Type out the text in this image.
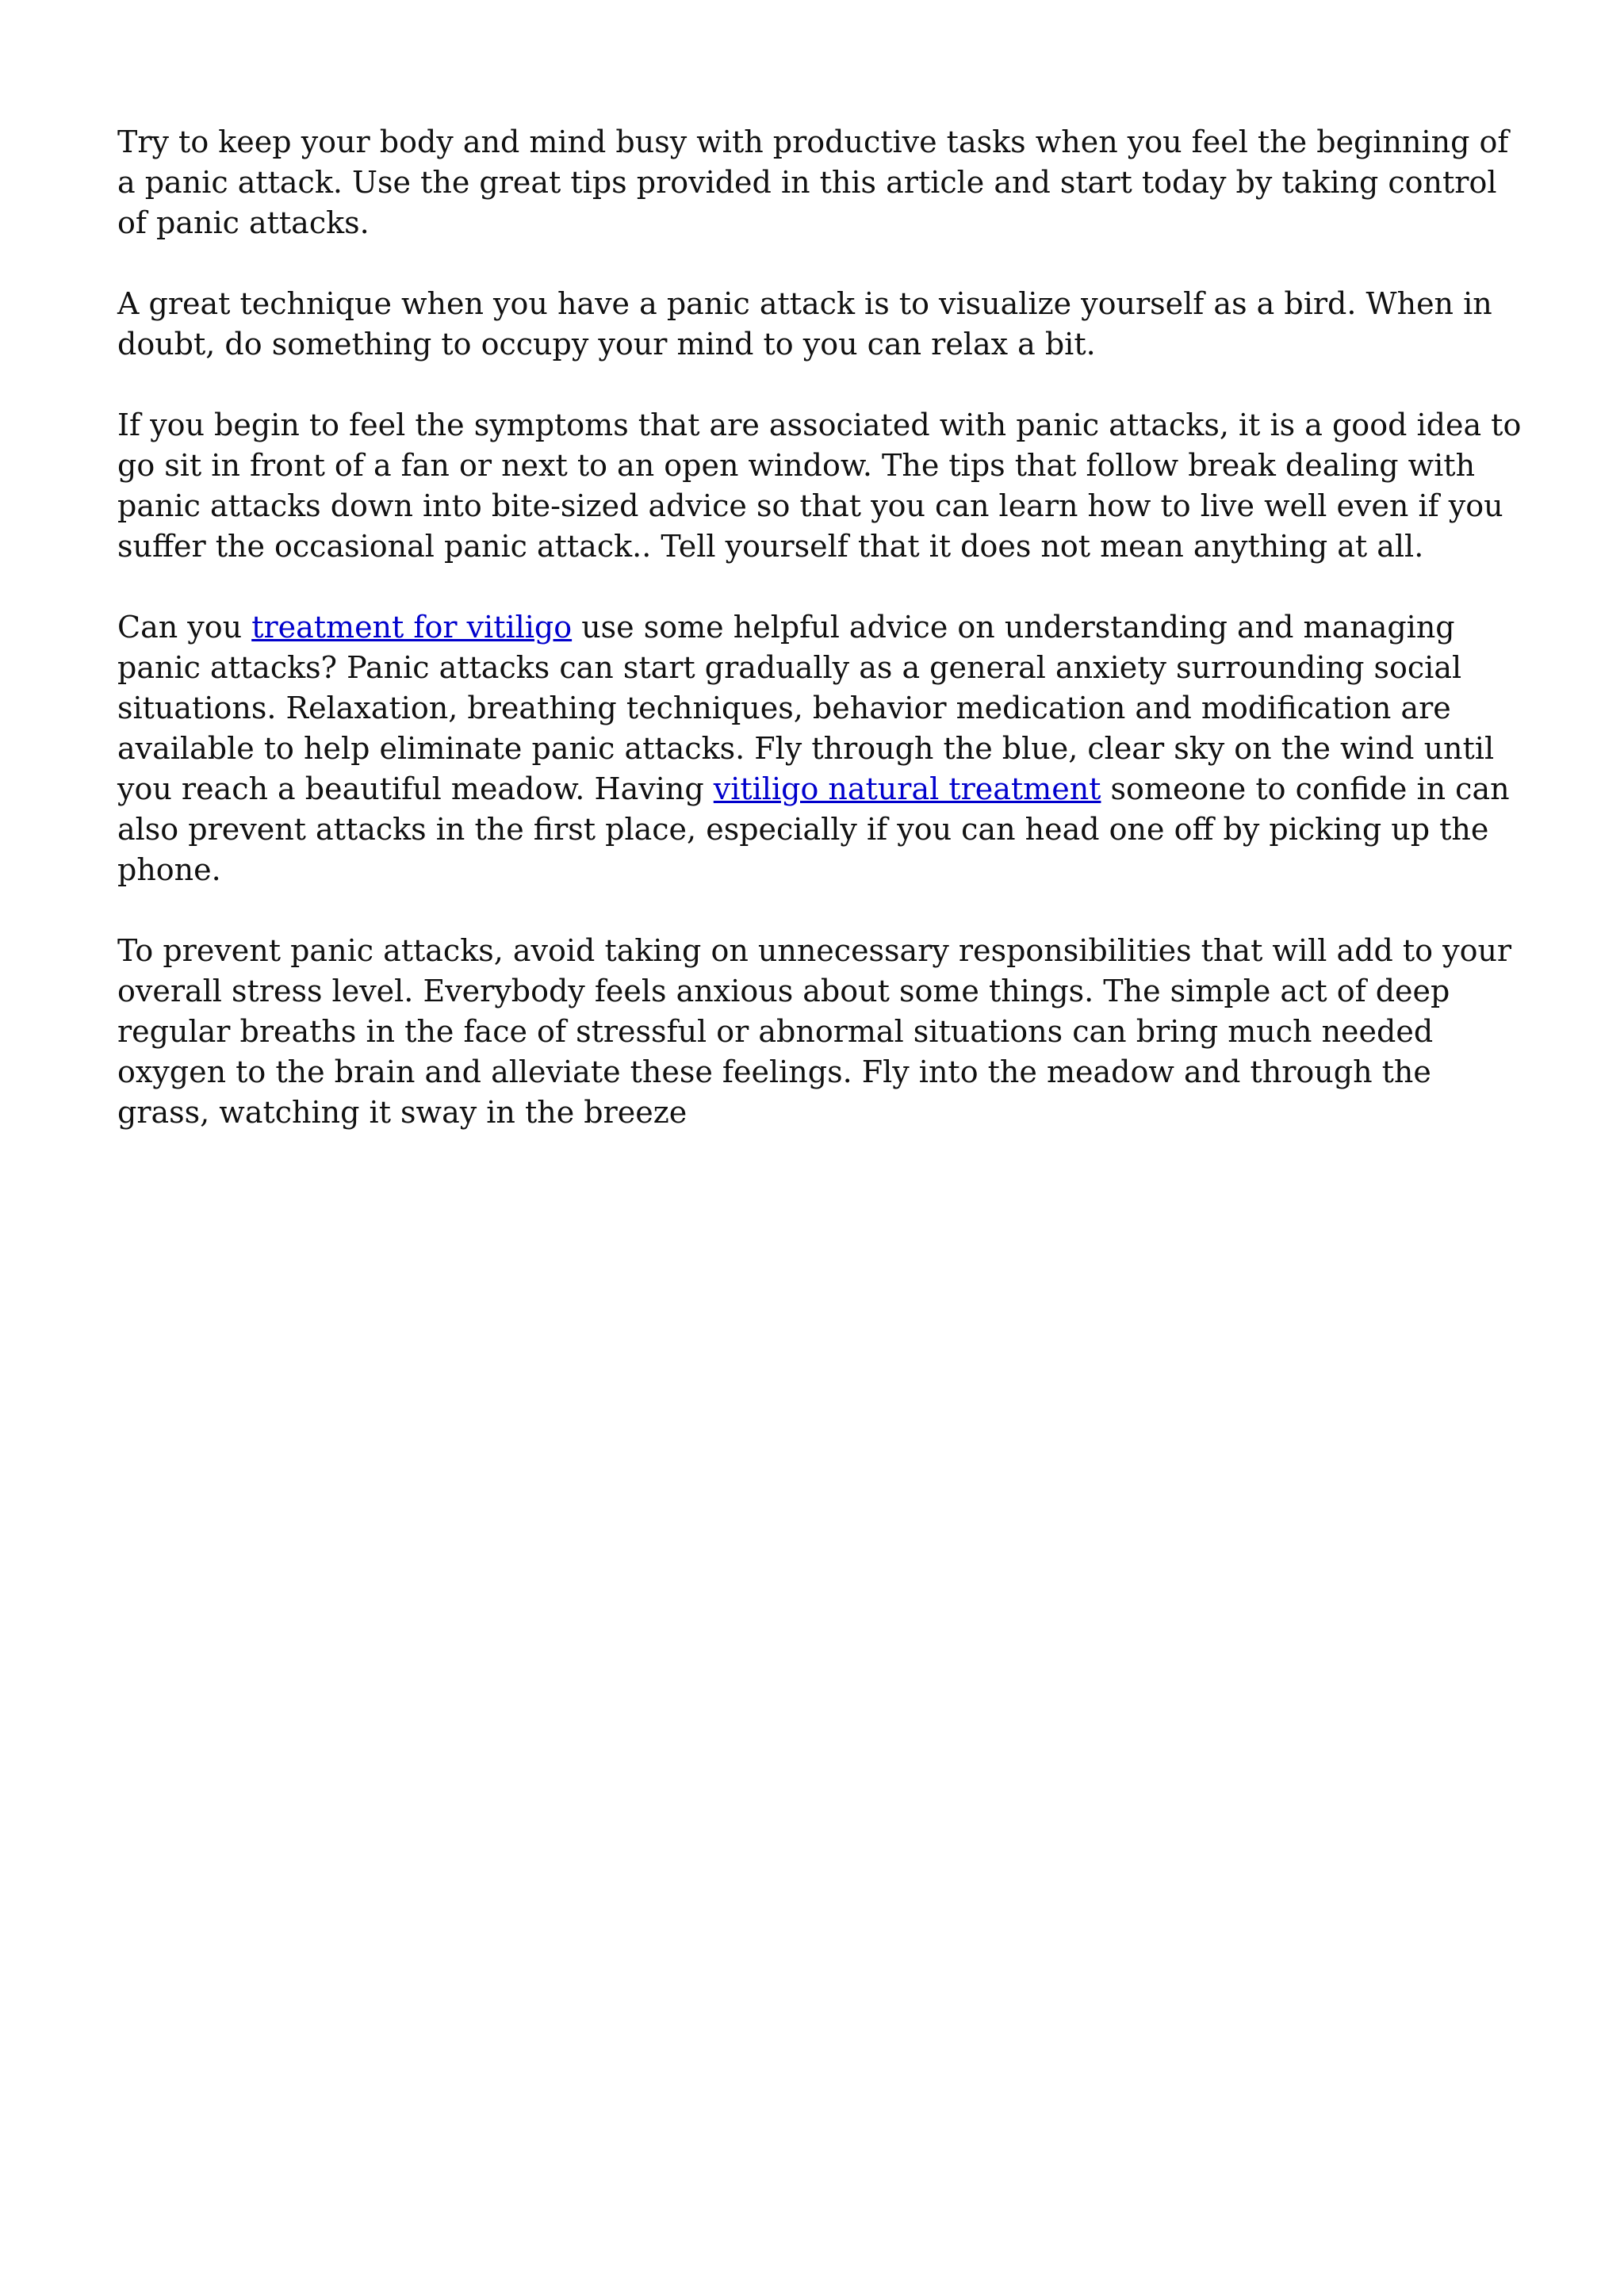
Try to keep your body and mind busy with productive tasks when you feel the beginning of a panic attack. Use the great tips provided in this article and start today by taking control of panic attacks.

A great technique when you have a panic attack is to visualize yourself as a bird. When in doubt, do something to occupy your mind to you can relax a bit.

If you begin to feel the symptoms that are associated with panic attacks, it is a good idea to go sit in front of a fan or next to an open window. The tips that follow break dealing with panic attacks down into bite-sized advice so that you can learn how to live well even if you suffer the occasional panic attack.. Tell yourself that it does not mean anything at all.

Can you treatment for vitiligo use some helpful advice on understanding and managing panic attacks? Panic attacks can start gradually as a general anxiety surrounding social situations. Relaxation, breathing techniques, behavior medication and modification are available to help eliminate panic attacks. Fly through the blue, clear sky on the wind until you reach a beautiful meadow. Having vitiligo natural treatment someone to confide in can also prevent attacks in the first place, especially if you can head one off by picking up the phone.

To prevent panic attacks, avoid taking on unnecessary responsibilities that will add to your overall stress level. Everybody feels anxious about some things. The simple act of deep regular breaths in the face of stressful or abnormal situations can bring much needed oxygen to the brain and alleviate these feelings. Fly into the meadow and through the grass, watching it sway in the breeze
